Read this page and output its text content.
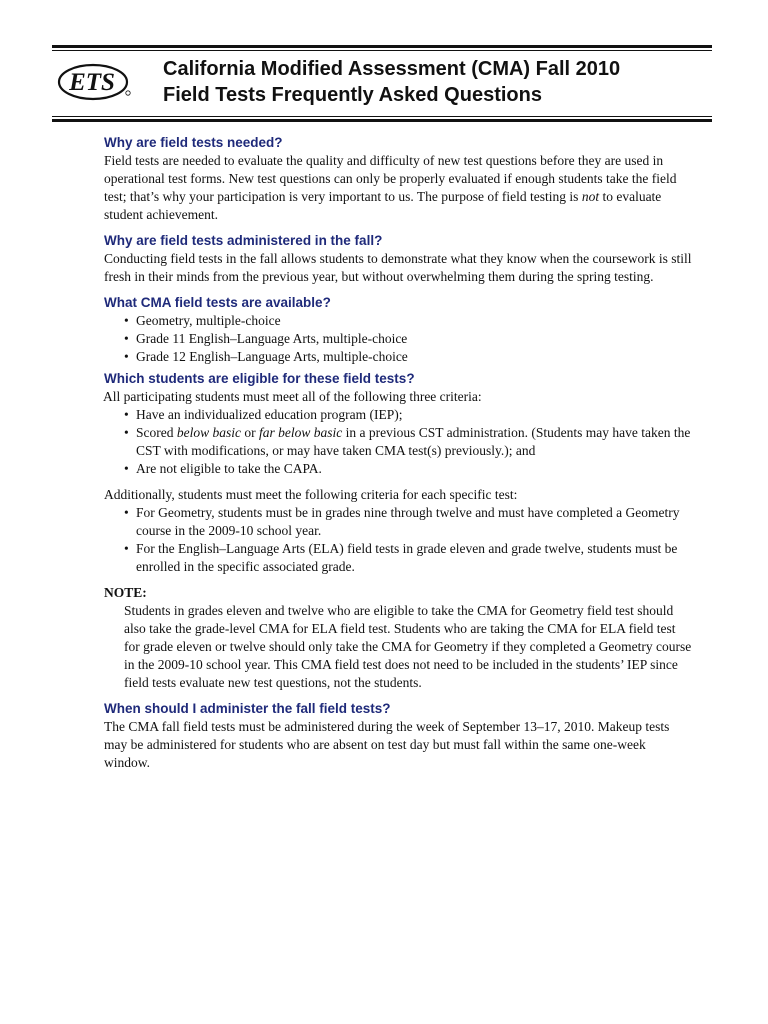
ETS California Modified Assessment (CMA) Fall 2010
Field Tests Frequently Asked Questions
Why are field tests needed?

Field tests are needed to evaluate the quality and difficulty of new test questions before they are used in operational test forms. New test questions can only be properly evaluated if enough students take the field test; that’s why your participation is very important to us. The purpose of field testing is not to evaluate student achievement.

Why are field tests administered in the fall?

Conducting field tests in the fall allows students to demonstrate what they know when the coursework is still fresh in their minds from the previous year, but without overwhelming them during the spring testing.

What CMA field tests are available?
• Geometry, multiple-choice
• Grade 11 English–Language Arts, multiple-choice
• Grade 12 English–Language Arts, multiple-choice
Which students are eligible for these field tests?

All participating students must meet all of the following three criteria:

• Have an individualized education program (IEP);
• Scored below basic or far below basic in a previous CST administration. (Students may have taken the CST with modifications, or may have taken CMA test(s) previously.); and
• Are not eligible to take the CAPA.

Additionally, students must meet the following criteria for each specific test:

• For Geometry, students must be in grades nine through twelve and must have completed a Geometry course in the 2009-10 school year.
• For the English–Language Arts (ELA) field tests in grade eleven and grade twelve, students must be enrolled in the specific associated grade.
NOTE:
Students in grades eleven and twelve who are eligible to take the CMA for Geometry field test should also take the grade-level CMA for ELA field test. Students who are taking the CMA for ELA field test for grade eleven or twelve should only take the CMA for Geometry if they completed a Geometry course in the 2009-10 school year. This CMA field test does not need to be included in the students’ IEP since field tests evaluate new test questions, not the students.
When should I administer the fall field tests?

The CMA fall field tests must be administered during the week of September 13–17, 2010. Makeup tests may be administered for students who are absent on test day but must fall within the same one-week window.
